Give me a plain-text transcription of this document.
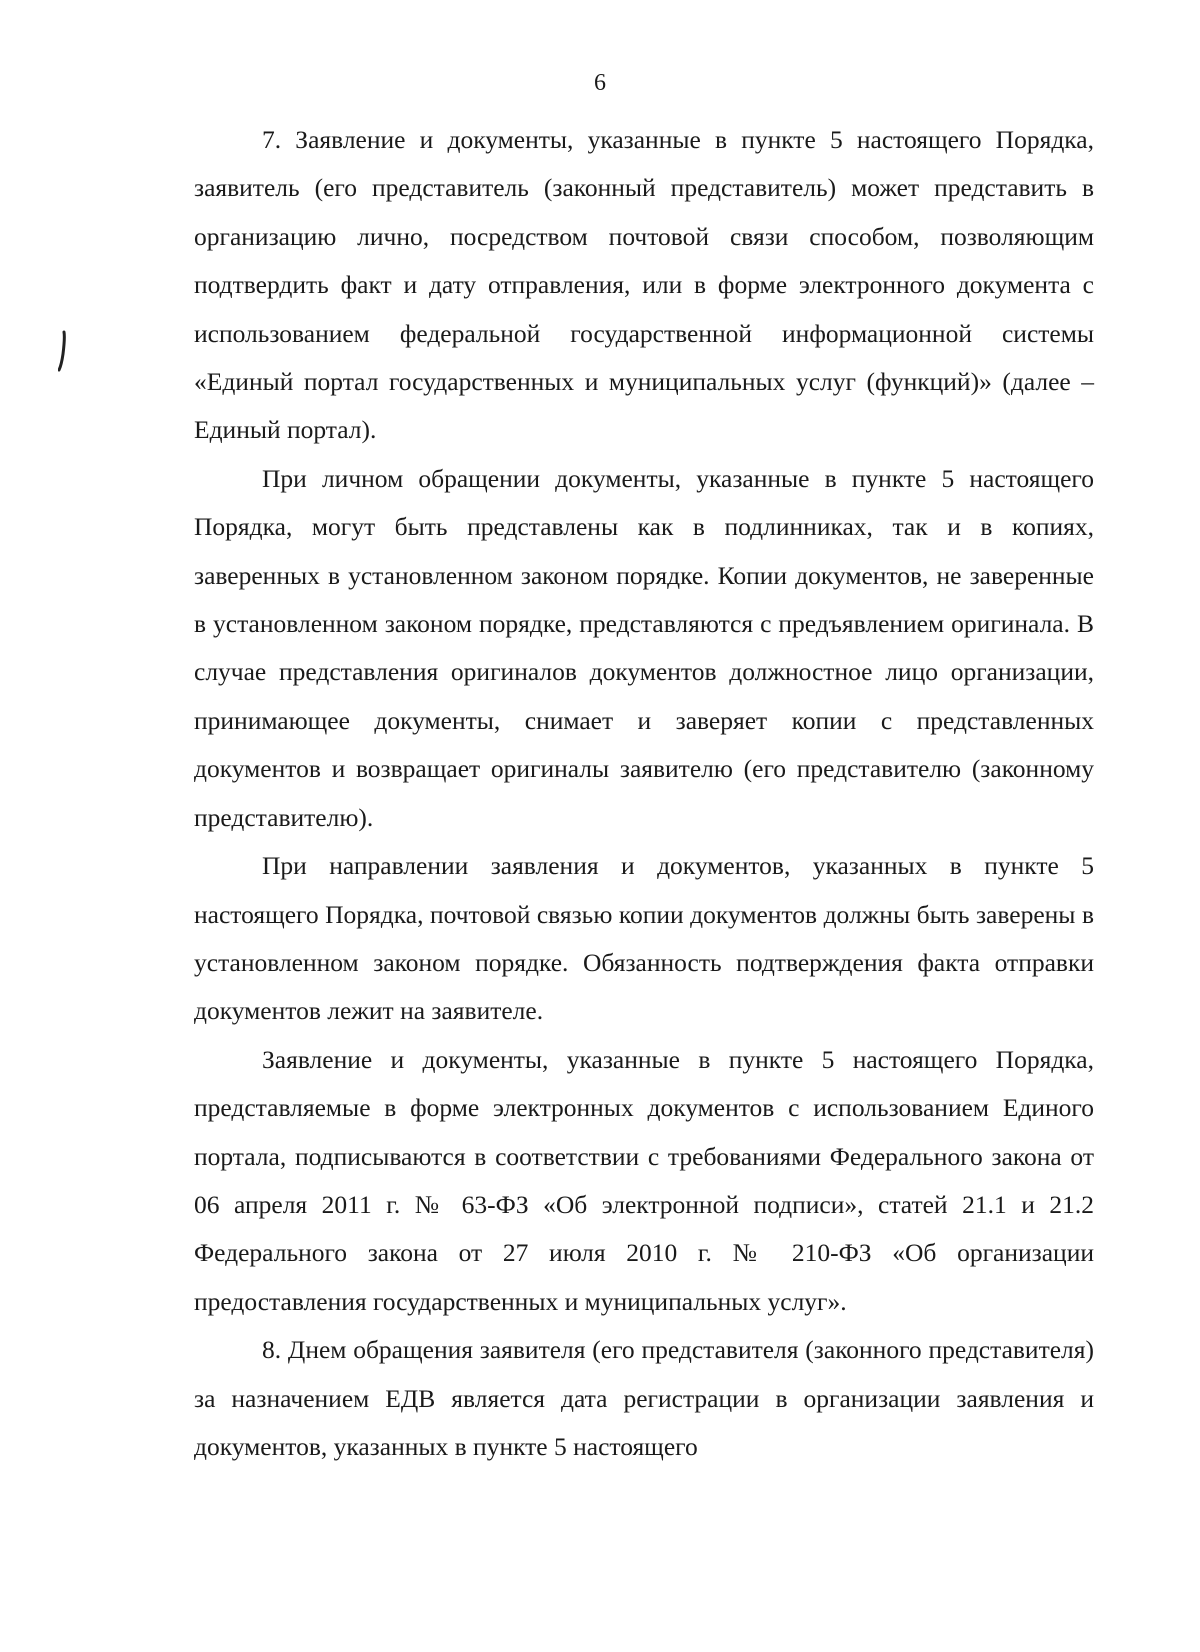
6

7. Заявление и документы, указанные в пункте 5 настоящего Порядка, заявитель (его представитель (законный представитель) может представить в организацию лично, посредством почтовой связи способом, позволяющим подтвердить факт и дату отправления, или в форме электронного документа с использованием федеральной государственной информационной системы «Единый портал государственных и муниципальных услуг (функций)» (далее – Единый портал).

При личном обращении документы, указанные в пункте 5 настоящего Порядка, могут быть представлены как в подлинниках, так и в копиях, заверенных в установленном законом порядке. Копии документов, не заверенные в установленном законом порядке, представляются с предъявлением оригинала. В случае представления оригиналов документов должностное лицо организации, принимающее документы, снимает и заверяет копии с представленных документов и возвращает оригиналы заявителю (его представителю (законному представителю).

При направлении заявления и документов, указанных в пункте 5 настоящего Порядка, почтовой связью копии документов должны быть заверены в установленном законом порядке. Обязанность подтверждения факта отправки документов лежит на заявителе.

Заявление и документы, указанные в пункте 5 настоящего Порядка, представляемые в форме электронных документов с использованием Единого портала, подписываются в соответствии с требованиями Федерального закона от 06 апреля 2011 г. № 63-ФЗ «Об электронной подписи», статей 21.1 и 21.2 Федерального закона от 27 июля 2010 г. № 210-ФЗ «Об организации предоставления государственных и муниципальных услуг».

8. Днем обращения заявителя (его представителя (законного представителя) за назначением ЕДВ является дата регистрации в организации заявления и документов, указанных в пункте 5 настоящего
